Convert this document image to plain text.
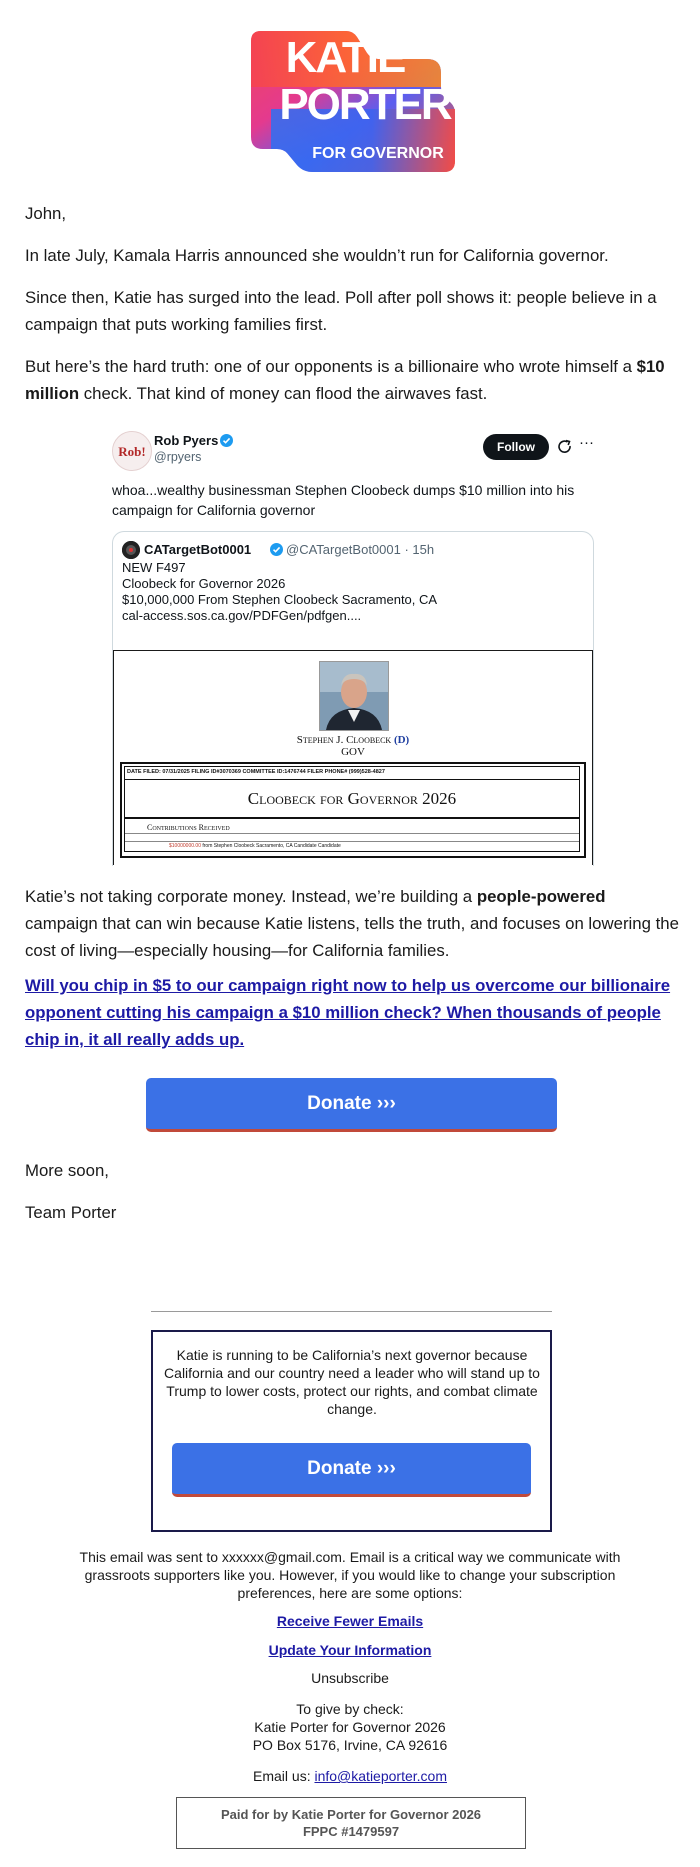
KATIE
PORTER
FOR GOVERNOR

John,

In late July, Kamala Harris announced she wouldn’t run for California governor.

Since then, Katie has surged into the lead. Poll after poll shows it: people believe in a campaign that puts working families first.

But here’s the hard truth: one of our opponents is a billionaire who wrote himself a $10 million check. That kind of money can flood the airwaves fast.

Rob!
Rob Pyers
@rpyers
Follow	···
whoa...wealthy businessman Stephen Cloobeck dumps $10 million into his campaign for California governor
CATargetBot0001	@CATargetBot0001 · 15h
NEW F497
Cloobeck for Governor 2026
$10,000,000 From Stephen Cloobeck Sacramento, CA
cal-access.sos.ca.gov/PDFGen/pdfgen....
Stephen J. Cloobeck (D)
GOV
DATE FILED: 07/31/2025 FILING ID#3070369 COMMITTEE ID:1476744 FILER PHONE# (999)528-4827
Cloobeck for Governor 2026
Contributions Received
$10000000.00 from Stephen Cloobeck Sacramento, CA Candidate Candidate

Katie’s not taking corporate money. Instead, we’re building a people-powered campaign that can win because Katie listens, tells the truth, and focuses on lowering the cost of living—especially housing—for California families.

Will you chip in $5 to our campaign right now to help us overcome our billionaire opponent cutting his campaign a $10 million check? When thousands of people chip in, it all really adds up.

Donate ›››

More soon,

Team Porter

Katie is running to be California’s next governor because California and our country need a leader who will stand up to Trump to lower costs, protect our rights, and combat climate change.
Donate ›››
This email was sent to xxxxxx@gmail.com. Email is a critical way we communicate with grassroots supporters like you. However, if you would like to change your subscription preferences, here are some options:
Receive Fewer Emails
Update Your Information
Unsubscribe
To give by check:
Katie Porter for Governor 2026
PO Box 5176, Irvine, CA 92616
Email us: info@katieporter.com
Paid for by Katie Porter for Governor 2026
FPPC #1479597
